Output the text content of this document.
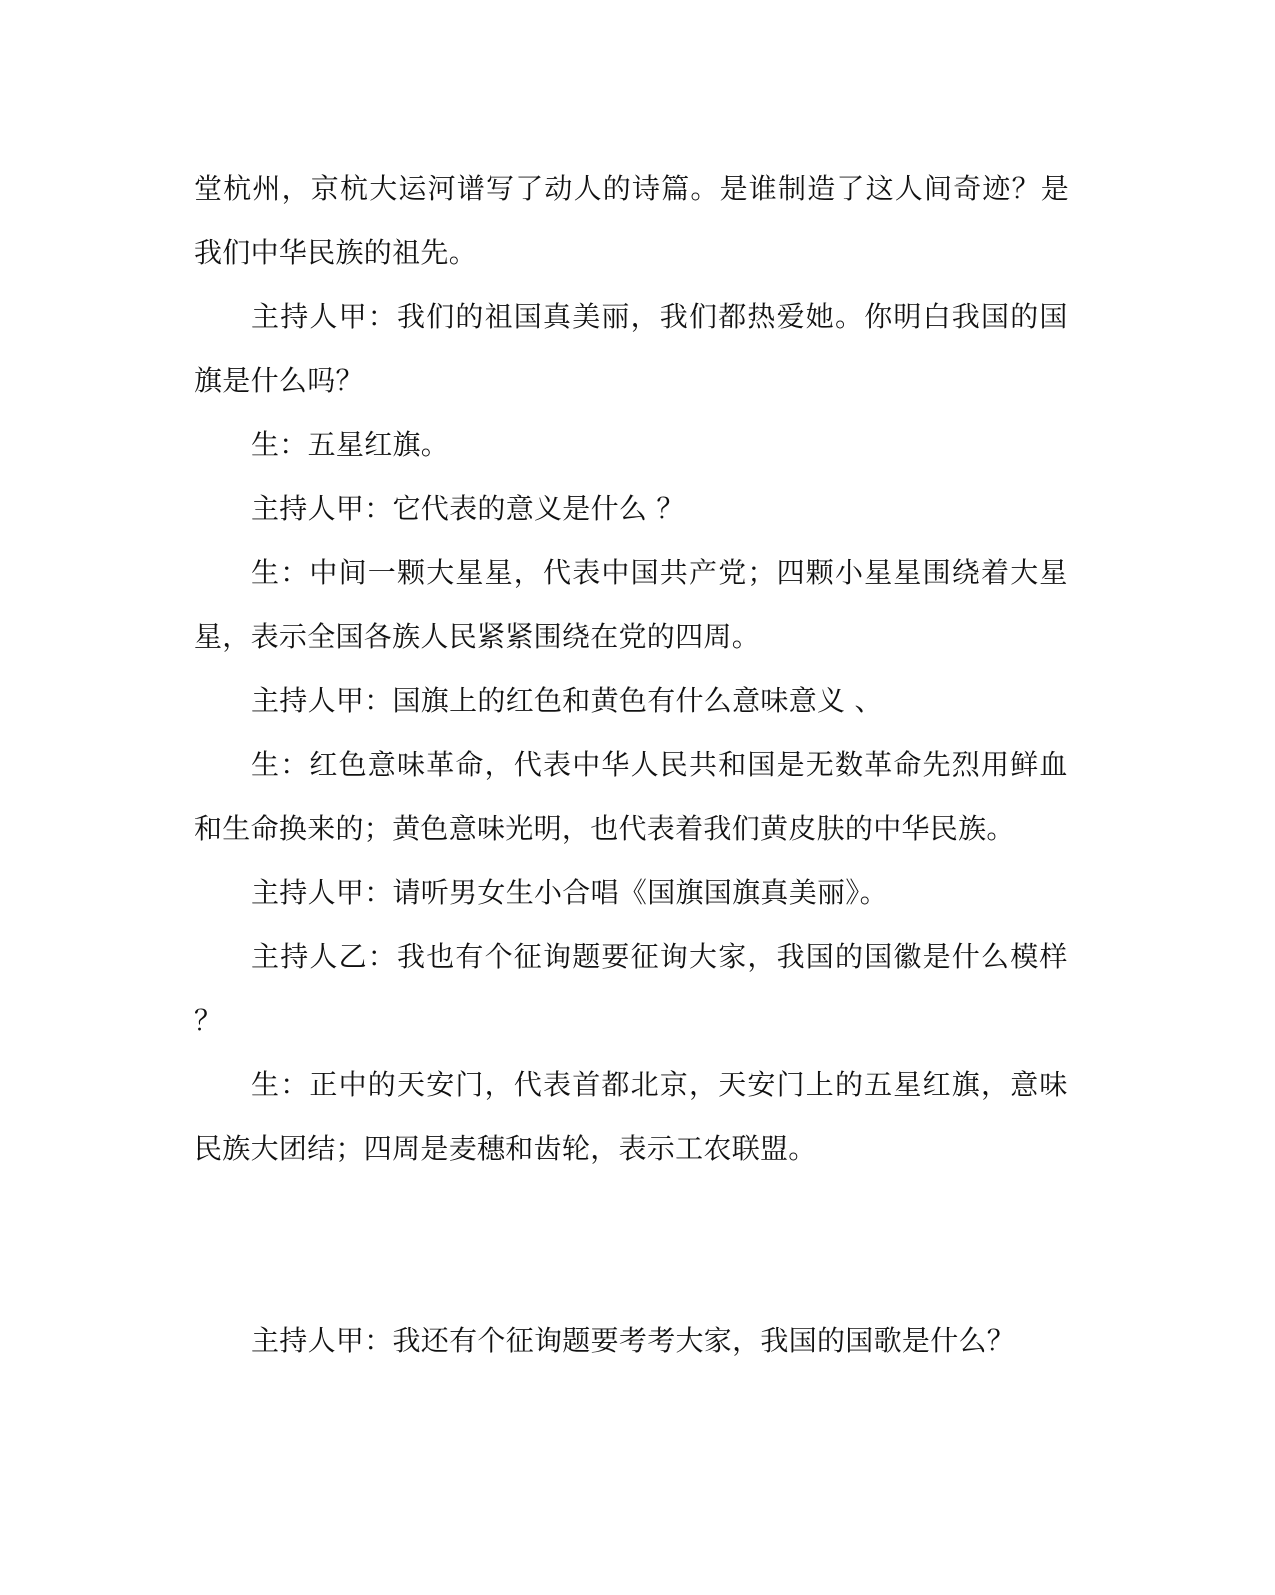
堂杭州，京杭大运河谱写了动人的诗篇。是谁制造了这人间奇迹？是
我们中华民族的祖先。
主持人甲：我们的祖国真美丽，我们都热爱她。你明白我国的国
旗是什么吗？
生：五星红旗。
主持人甲：它代表的意义是什么 ？
生：中间一颗大星星，代表中国共产党；四颗小星星围绕着大星
星，表示全国各族人民紧紧围绕在党的四周。
主持人甲：国旗上的红色和黄色有什么意味意义 、
生：红色意味革命，代表中华人民共和国是无数革命先烈用鲜血
和生命换来的；黄色意味光明，也代表着我们黄皮肤的中华民族。
主持人甲：请听男女生小合唱《国旗国旗真美丽》。
主持人乙：我也有个征询题要征询大家，我国的国徽是什么模样
？
生：正中的天安门，代表首都北京，天安门上的五星红旗，意味
民族大团结；四周是麦穗和齿轮，表示工农联盟。
主持人甲：我还有个征询题要考考大家，我国的国歌是什么？
